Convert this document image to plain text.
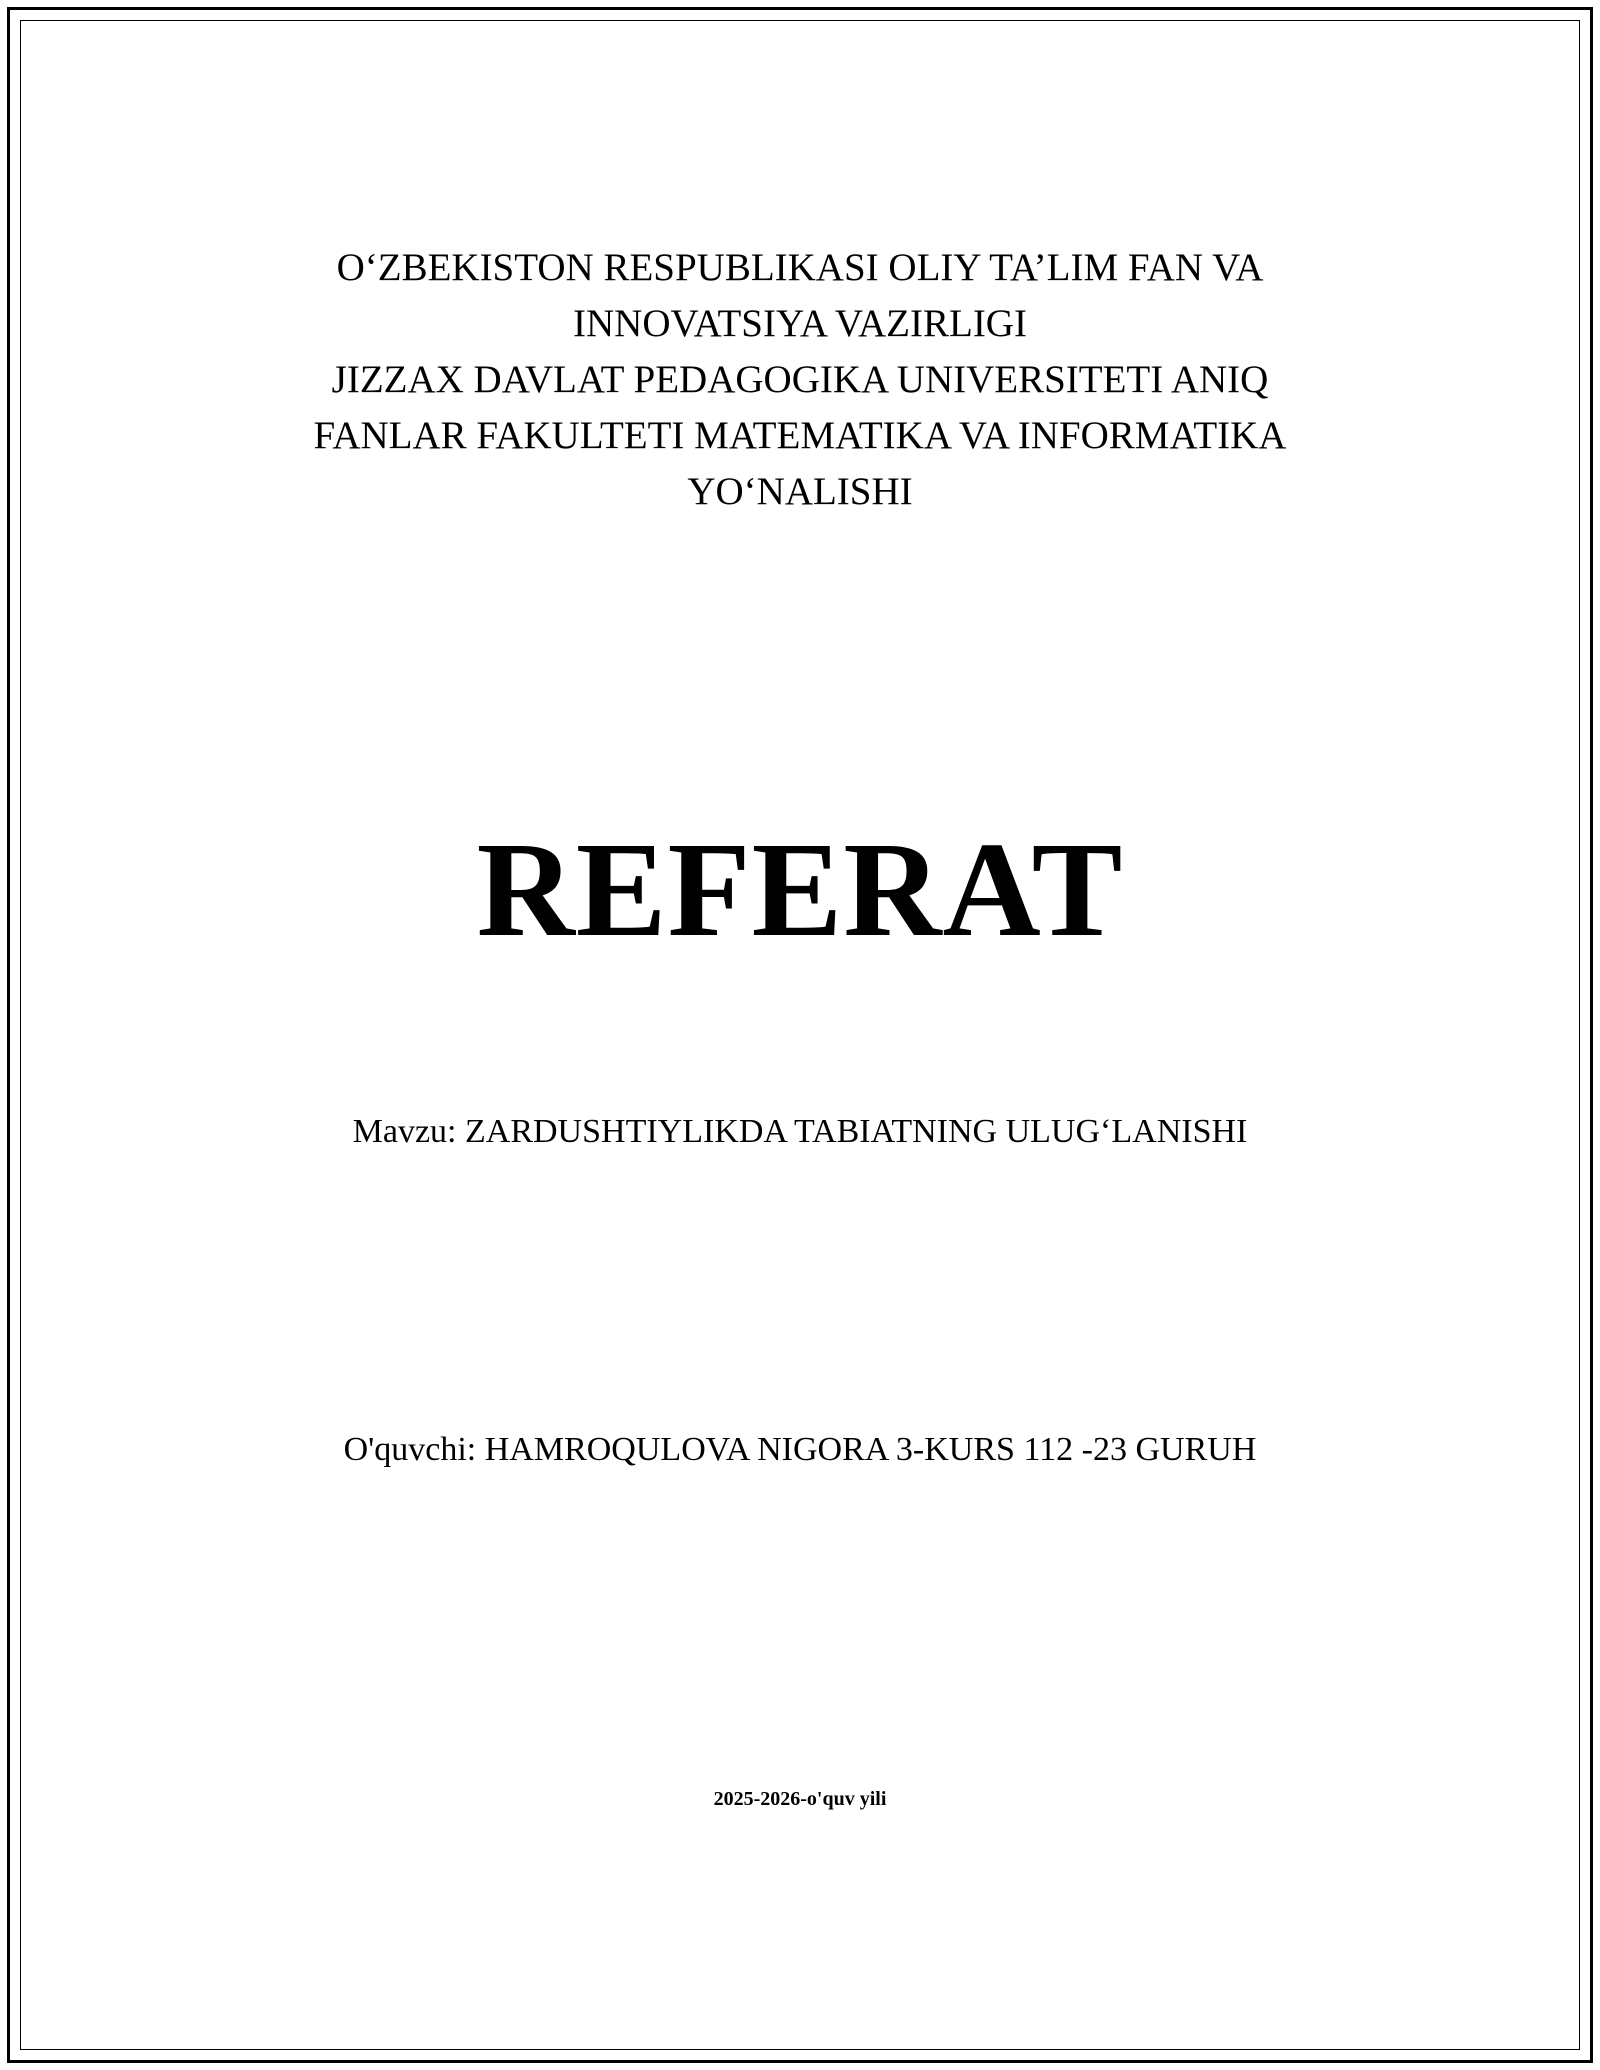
O‘ZBEKISTON RESPUBLIKASI OLIY TA’LIM FAN VA
INNOVATSIYA VAZIRLIGI
JIZZAX DAVLAT PEDAGOGIKA UNIVERSITETI ANIQ
FANLAR FAKULTETI MATEMATIKA VA INFORMATIKA
YO‘NALISHI
REFERAT
Mavzu: ZARDUSHTIYLIKDA TABIATNING ULUG‘LANISHI
O'quvchi: HAMROQULOVA NIGORA 3-KURS 112 -23 GURUH
2025-2026-o'quv yili
